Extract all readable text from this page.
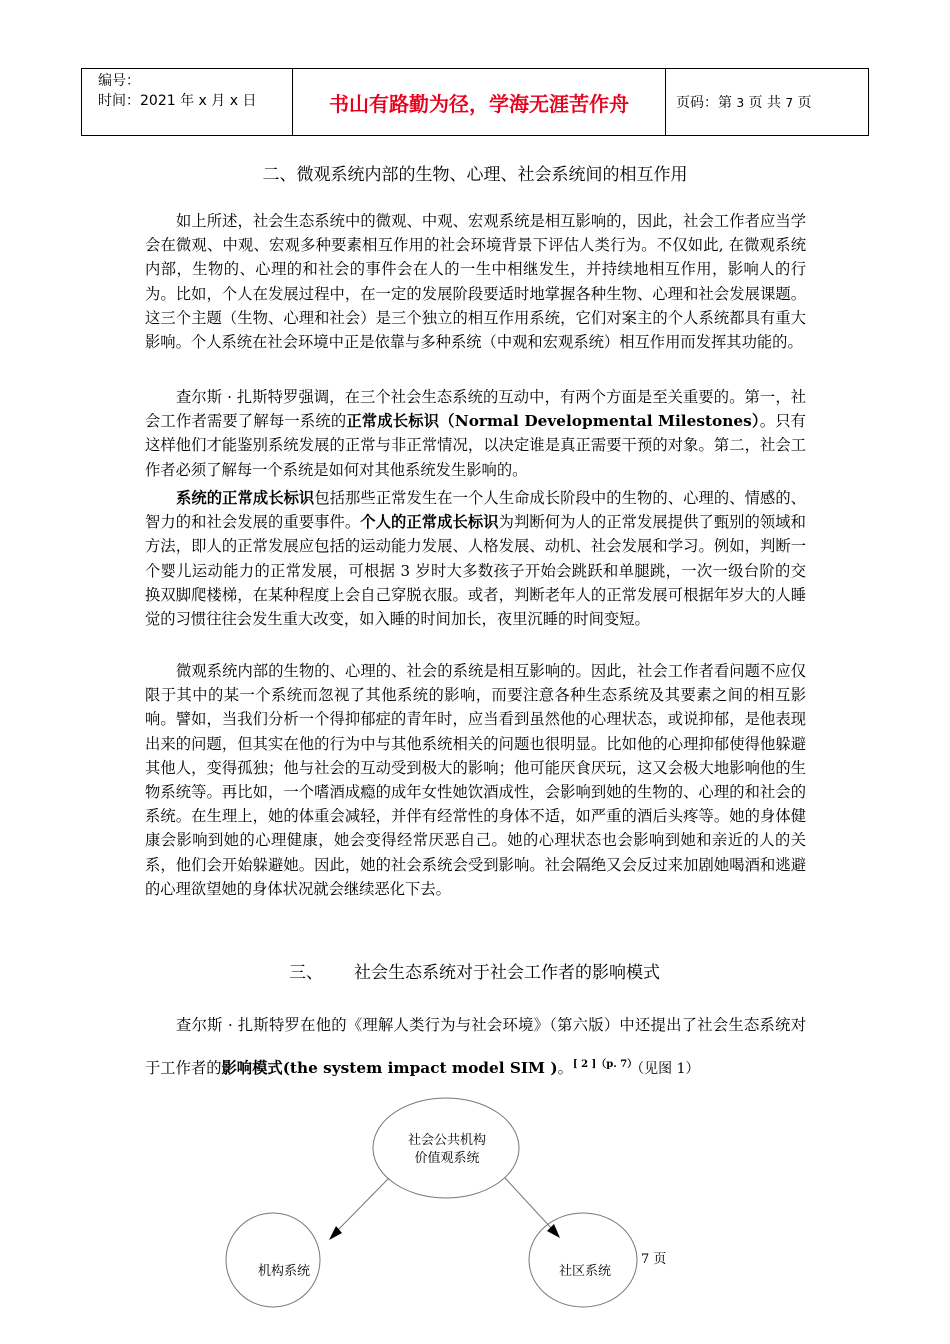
编号：
时间：2021 年 x 月 x 日	书山有路勤为径，学海无涯苦作舟	页码：第 3 页 共 7 页
二、微观系统内部的生物、心理、社会系统间的相互作用

如上所述，社会生态系统中的微观、中观、宏观系统是相互影响的，因此，社会工作者应当学会在微观、中观、宏观多种要素相互作用的社会环境背景下评估人类行为。不仅如此, 在微观系统内部，生物的、心理的和社会的事件会在人的一生中相继发生，并持续地相互作用，影响人的行为。比如，个人在发展过程中，在一定的发展阶段要适时地掌握各种生物、心理和社会发展课题。这三个主题（生物、心理和社会）是三个独立的相互作用系统，它们对案主的个人系统都具有重大影响。个人系统在社会环境中正是依靠与多种系统（中观和宏观系统）相互作用而发挥其功能的。

查尔斯 · 扎斯特罗强调，在三个社会生态系统的互动中，有两个方面是至关重要的。第一，社会工作者需要了解每一系统的正常成长标识（Normal Developmental Milestones）。只有这样他们才能鉴别系统发展的正常与非正常情况，以决定谁是真正需要干预的对象。第二，社会工作者必须了解每一个系统是如何对其他系统发生影响的。

系统的正常成长标识包括那些正常发生在一个人生命成长阶段中的生物的、心理的、情感的、智力的和社会发展的重要事件。个人的正常成长标识为判断何为人的正常发展提供了甄别的领域和方法，即人的正常发展应包括的运动能力发展、人格发展、动机、社会发展和学习。例如，判断一个婴儿运动能力的正常发展，可根据 3 岁时大多数孩子开始会跳跃和单腿跳，一次一级台阶的交换双脚爬楼梯，在某种程度上会自己穿脱衣服。或者，判断老年人的正常发展可根据年岁大的人睡觉的习惯往往会发生重大改变，如入睡的时间加长，夜里沉睡的时间变短。

微观系统内部的生物的、心理的、社会的系统是相互影响的。因此，社会工作者看问题不应仅限于其中的某一个系统而忽视了其他系统的影响，而要注意各种生态系统及其要素之间的相互影响。譬如，当我们分析一个得抑郁症的青年时，应当看到虽然他的心理状态，或说抑郁，是他表现出来的问题，但其实在他的行为中与其他系统相关的问题也很明显。比如他的心理抑郁使得他躲避其他人，变得孤独；他与社会的互动受到极大的影响；他可能厌食厌玩，这又会极大地影响他的生物系统等。再比如，一个嗜酒成瘾的成年女性她饮酒成性，会影响到她的生物的、心理的和社会的系统。在生理上，她的体重会减轻，并伴有经常性的身体不适，如严重的酒后头疼等。她的身体健康会影响到她的心理健康，她会变得经常厌恶自己。她的心理状态也会影响到她和亲近的人的关系，他们会开始躲避她。因此，她的社会系统会受到影响。社会隔绝又会反过来加剧她喝酒和逃避的心理欲望她的身体状况就会继续恶化下去。

三、 社会生态系统对于社会工作者的影响模式

查尔斯 · 扎斯特罗在他的《理解人类行为与社会环境》（第六版）中还提出了社会生态系统对于工作者的影响模式(the system impact model SIM )。$^{[ 2 ](p. 7)}$（见图 1）

社会公共机构
价值观系统
机构系统	社区系统
7 页
